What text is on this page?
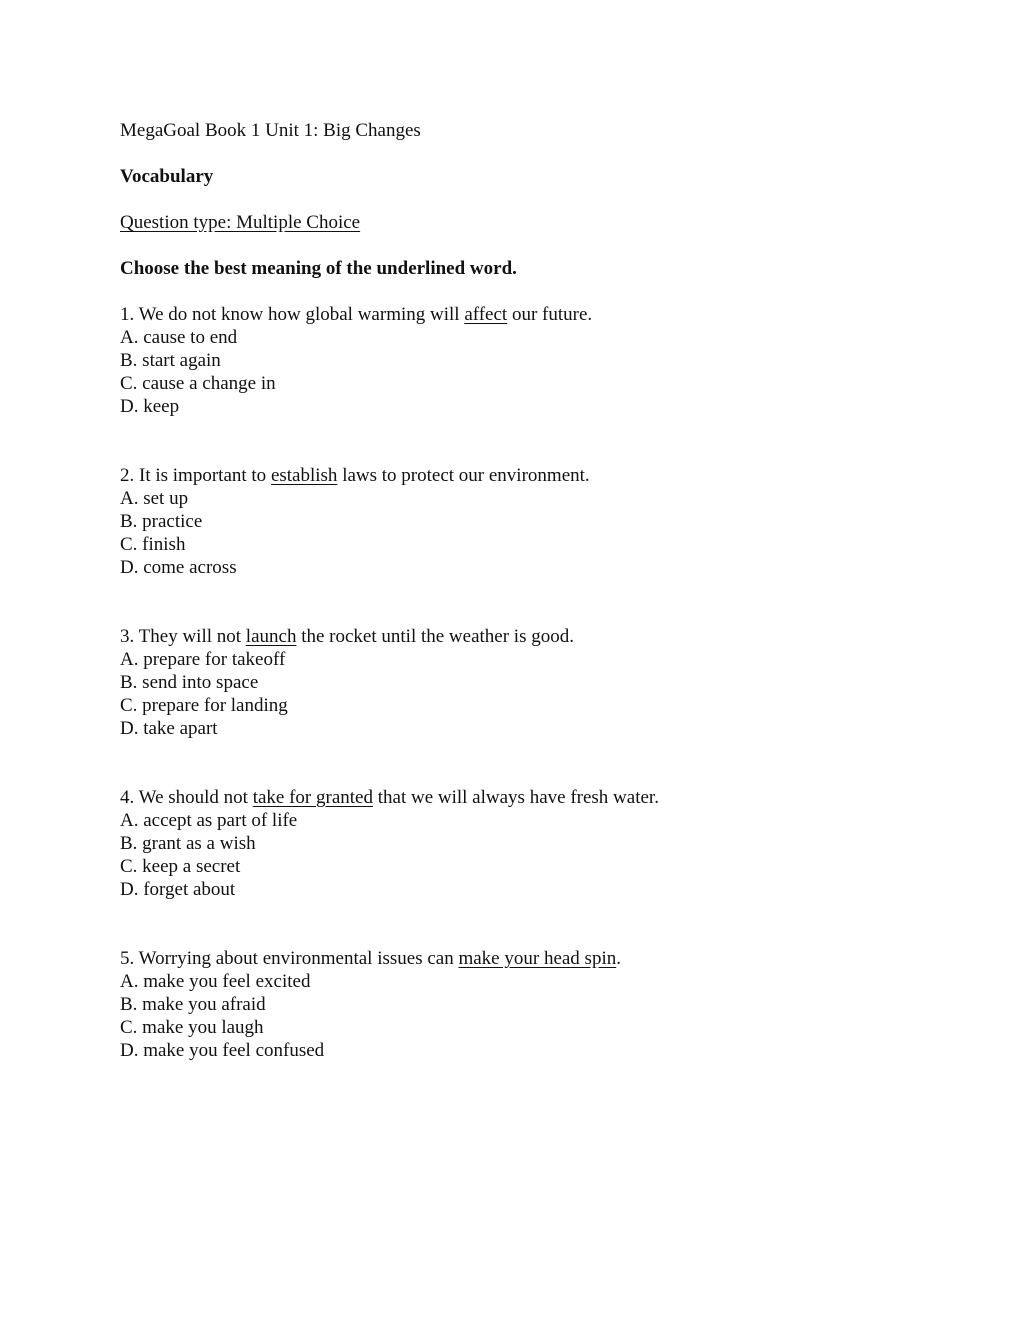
MegaGoal Book 1 Unit 1: Big Changes
Vocabulary
Question type: Multiple Choice
Choose the best meaning of the underlined word.
1. We do not know how global warming will affect our future.
A. cause to end
B. start again
C. cause a change in
D. keep
2. It is important to establish laws to protect our environment.
A. set up
B. practice
C. finish
D. come across
3. They will not launch the rocket until the weather is good.
A. prepare for takeoff
B. send into space
C. prepare for landing
D. take apart
4. We should not take for granted that we will always have fresh water.
A. accept as part of life
B. grant as a wish
C. keep a secret
D. forget about
5. Worrying about environmental issues can make your head spin.
A. make you feel excited
B. make you afraid
C. make you laugh
D. make you feel confused
